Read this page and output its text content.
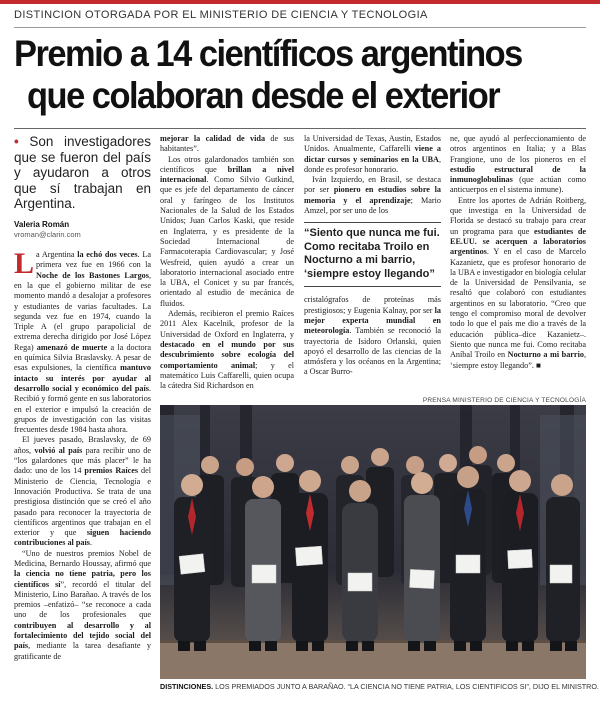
DISTINCION OTORGADA POR EL MINISTERIO DE CIENCIA Y TECNOLOGIA
Premio a 14 científicos argentinos
que colaboran desde el exterior
• Son investigadores que se fueron del país y ayudaron a otros que sí trabajan en Argentina.
Valeria Román
vroman@clarin.com

La Argentina la echó dos veces. La primera vez fue en 1966 con la Noche de los Bastones Largos, en la que el gobierno militar de ese momento mandó a desalojar a profesores y estudiantes de varias facultades. La segunda vez fue en 1974, cuando la Triple A (el grupo parapolicial de extrema derecha dirigido por José López Rega) amenazó de muerte a la doctora en química Silvia Braslavsky. A pesar de esas expulsiones, la científica mantuvo intacto su interés por ayudar al desarrollo social y económico del país. Recibió y formó gente en sus laboratorios en el exterior e impulsó la creación de grupos de investigación con las visitas frecuentes desde 1984 hasta ahora.

El jueves pasado, Braslavsky, de 69 años, volvió al país para recibir uno de “los galardones que más placer” le ha dado: uno de los 14 premios Raíces del Ministerio de Ciencia, Tecnología e Innovación Productiva. Se trata de una prestigiosa distinción que se creó el año pasado para reconocer la trayectoria de científicos argentinos que trabajan en el exterior y que siguen haciendo contribuciones al país.

“Uno de nuestros premios Nobel de Medicina, Bernardo Houssay, afirmó que la ciencia no tiene patria, pero los científicos sí”, recordó el titular del Ministerio, Lino Barañao. A través de los premios –enfatizó– “se reconoce a cada uno de los profesionales que contribuyen al desarrollo y al fortalecimiento del tejido social del país, mediante la tarea desafiante y gratificante de

mejorar la calidad de vida de sus habitantes”.

Los otros galardonados también son científicos que brillan a nivel internacional. Como Silvio Gutkind, que es jefe del departamento de cáncer oral y faríngeo de los Institutos Nacionales de la Salud de los Estados Unidos; Juan Carlos Kaski, que reside en Inglaterra, y es presidente de la Sociedad Internacional de Farmacoterapia Cardiovascular; y José Wesfreid, quien ayudó a crear un laboratorio internacional asociado entre la UBA, el Conicet y su par francés, orientado al estudio de mecánica de fluidos.

Además, recibieron el premio Raíces 2011 Alex Kacelnik, profesor de la Universidad de Oxford en Inglaterra, y destacado en el mundo por sus descubrimiento sobre ecología del comportamiento animal; y el matemático Luis Caffarelli, quien ocupa la cátedra Sid Richardson en

la Universidad de Texas, Austin, Estados Unidos. Anualmente, Caffarelli viene a dictar cursos y seminarios en la UBA, donde es profesor honorario.

Iván Izquierdo, en Brasil, se destaca por ser pionero en estudios sobre la memoria y el aprendizaje; Mario Amzel, por ser uno de los

“Siento que nunca me fui. Como recitaba Troilo en Nocturno a mi barrio, ‘siempre estoy llegando”

cristalógrafos de proteínas más prestigiosos; y Eugenia Kalnay, por ser la mejor experta mundial en meteorología. También se reconoció la trayectoria de Isidoro Orlanski, quien apoyó el desarrollo de las ciencias de la atmósfera y los océanos en la Argentina; a Oscar Burro-

ne, que ayudó al perfeccionamiento de otros argentinos en Italia; y a Blas Frangione, uno de los pioneros en el estudio estructural de la inmunoglobulinas (que actúan como anticuerpos en el sistema inmune).

Entre los aportes de Adrián Roitberg, que investiga en la Universidad de Florida se destacó su trabajo para crear un programa para que estudiantes de EE.UU. se acerquen a laboratorios argentinos. Y en el caso de Marcelo Kazanietz, que es profesor honorario de la UBA e investigador en biología celular de la Universidad de Pensilvania, se resaltó que colaboró con estudiantes argentinos en su laboratorio. “Creo que tengo el compromiso moral de devolver todo lo que el país me dio a través de la educación pública–dice Kazanietz–. Siento que nunca me fui. Como recitaba Aníbal Troilo en Nocturno a mi barrio, ‘siempre estoy llegando”. ■

PRENSA MINISTERIO DE CIENCIA Y TECNOLOGÍA
DISTINCIONES. LOS PREMIADOS JUNTO A BARAÑAO. “LA CIENCIA NO TIENE PATRIA, LOS CIENTIFICOS SI”, DIJO EL MINISTRO.
